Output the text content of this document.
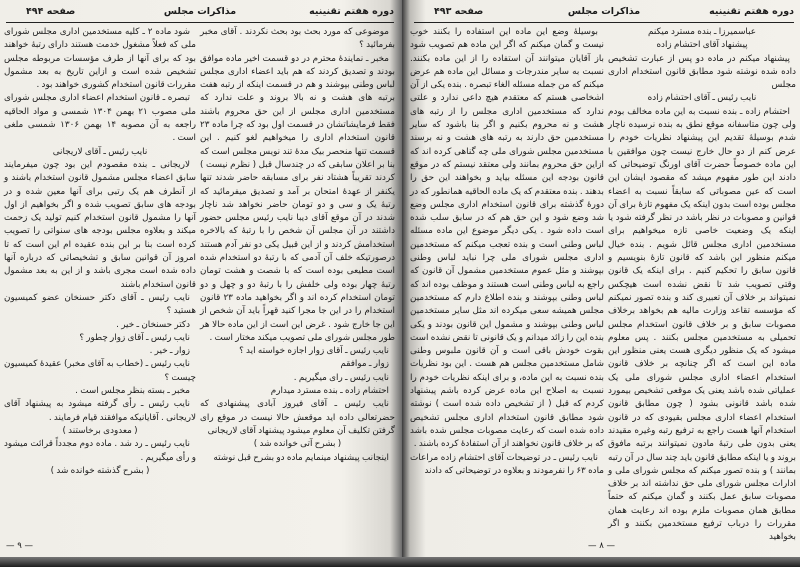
دوره هفتم تقنینیه
مذاکرات مجلس
صفحه ۴۹۴

موضوعی که مورد بحث بود بحث نکردند . آقای مخبر بفرمائید ؟

مخبر ـ نمایندهٔ محترم در دو قسمت اخیر ماده موافق بودند و تصدیق کردند که هم باید اعضاء اداری مجلس لباس وطنی بپوشند و هم در قسمت اینکه از رتبه هفت برتبه های هشت و نه بالا بروند و علت ندارد که مستخدمین اداری مجلس از این حق محروم باشند فقط فرمایشاتشان در قسمت اول بود که چرا ماده ۲۳ قانون استخدام اداری را میخواهیم لغو کنیم . این قسمت تنها منحصر بیک مدهٔ تند نویس مجلس است که بنا بر اعلان سابقی که در چندسال قبل ( نظرم نیست ) کردند تقریباً هشتاد نفر برای مسابقه حاضر شدند تنها یکنفر از عهدهٔ امتحان بر آمد و تصدیق میفرمائید که رتبهٔ یک و سی و دو تومان حاضر نخواهد شد ناچار شدند در آن موقع آقای دیبا نایب رئیس مجلس حضور داشتند در آن مجلس آن شخص را با رتبهٔ که بالاخره استخدامش کردند و از این قبیل یکی دو نفر آدم هستند درصورتیکه خلف آن آدمی که با رتبهٔ دو استخدام شده است مطیعی بوده است که با شصت و هشت تومان رتبهٔ چهار بوده ولی خلفش را با رتبهٔ دو و چهل و دو تومان استخدام کرده اند و اگر بخواهید ماده ۲۳ قانون استخدام را در این جا مجرا کنید قهراً باید آن شخص از این جا خارج شود . غرض این است از این ماده حالا هر طور مجلس شورای ملی تصویب میکند مختار است .

نایب رئیس ـ آقای زوار اجازه خواسته اید ؟

زوار ـ موافقم

نایب رئیس ـ رای میگیریم .

احتشام زاده ـ بنده مسترد میدارم

نایب رئیس ـ آقای فیروز آبادی پیشنهادی که حضرتعالی داده اید موقعش حالا نیست در موقع رای گرفتن تکلیف آن معلوم میشود پیشنهاد آقای لاریجانی

( بشرح آتی خوانده شد )

اینجانب پیشنهاد مینمایم ماده دو بشرح قبل نوشته

شود ماده ۲ ـ کلیه مستخدمین اداری مجلس شورای ملی که فعلاً مشغول خدمت هستند دارای رتبهٔ خواهند بود که برای آنها از طرف مؤسسات مربوطه مجلس تشخیص شده است و ازاین تاریخ به بعد مشمول مقررات قانون استخدام کشوری خواهند بود .

تبصره ـ قانون استخدام اعضاء اداری مجلس شورای ملی مصوب ۲۱ بهمن ۱۳۰۴ شمسی و مواد الحاقیه راجعه به آن مصوبه ۱۴ بهمن ۱۳۰۶ شمسی ملغی است .

نایب رئیس ـ آقای لاریجانی

لاریجانی ـ بنده مقصودم این بود چون میفرمایند سابق اعضاء مجلس مشمول قانون استخدام باشند و از آنطرف هم یک رتبی برای آنها معین شده و در بودجه های سابق تصویب شده و اگر بخواهیم از اول آنها را مشمول قانون استخدام کنیم تولید یک زحمت میکند و بعلاوه مجلس بودجه های سنواتی را تصویب کرده است بنا بر این بنده عقیده ام این است که تا امروز آن قوانین سابق و تشخیصاتی که درباره آنها داده شده است مجری باشد و از این به بعد مشمول قانون استخدام باشند

نایب رئیس ـ آقای دکتر حسنخان عضو کمیسیون هستید ؟

دکتر حسنخان ـ خیر .

نایب رئیس ـ آقای زوار چطور ؟

زوار ـ خیر .

نایب رئیس ـ (خطاب به آقای مخبر) عقیدهٔ کمیسیون چیست ؟

مخبر ـ بسته بنظر مجلس است .

نایب رئیس ـ رأی گرفته میشود به پیشنهاد آقای لاریجانی . آقایانیکه موافقند قیام فرمایند .

( معدودی برخاستند )

نایب رئیس ـ رد شد . ماده دوم مجدداً قرائت میشود و رأی میگیریم .

( بشرح گذشته خوانده شد )

— ۹ —
دوره هفتم تقنینیه
مذاکرات مجلس
صفحه ۴۹۳

عباسمیرزا ـ بنده مسترد میکنم

پیشنهاد آقای احتشام زاده

پیشنهاد میکنم در ماده دو پس از عبارت تشخیص داده شده نوشته شود مطابق قانون استخدام اداری مجلس

نایب رئیس ـ آقای احتشام زاده

احتشام زاده ـ بنده نسبت به این ماده مخالف بودم ولی چون متاسفانه موقع نطق به بنده نرسیده ناچار شدم بوسیلهٔ تقدیم این پیشنهاد نظریات خودم را عرض کنم از دو حال خارج نیست چون موافقین با این ماده خصوصاً حضرت آقای اورنگ توضیحاتی که دادند این طور مفهوم میشد که مقصود ایشان این است که عین مصوباتی که سابقاً نسبت به اعضاء مجلس بوده است بدون اینکه یک مفهوم تازهٔ برای آن قوانین و مصوبات در نظر باشد در نظر گرفته شود یا اینکه یک وضعیت خاصی تازه میخواهیم برای مستخدمین اداری مجلس قائل شویم . بنده خیال میکنم منظور این باشد که قانون تازهٔ بنویسیم و قانون سابق را تحکیم کنیم . برای اینکه یک قانون وقتی تصویب شد تا نقض نشده است هیچکس نمیتواند بر خلاف آن تعبیری کند و بنده تصور نمیکنم که مؤسسه تقاعد وزارت مالیه هم بخواهد برخلاف مصوبات سابق و بر خلاف قانون استخدام مجلس تحمیلی به مستخدمین مجلس بکنند . پس معلوم میشود که یک منظور دیگری هست یعنی منظور این ماده این است که اگر چنانچه بر خلاف قانون استخدام اعضاء اداری مجلس شورای ملی یک عملیاتی شده باشد یعنی یک موقعی تشخیص بیمورد شده باشد قانونی بشود ( چون مطابق قانون استخدام اعضاء اداری مجلس بقیودی که در قانون استخدام آنها هست راجع به ترفیع رتبه وغیره مقیدند یعنی بدون طی رتبهٔ مادون نمیتوانند برتبه مافوق بروند و یا اینکه مطابق قانون باید چند سال در آن رتبه بمانند ) و بنده تصور میکنم که مجلس شورای ملی و ادارات مجلس شورای ملی حق نداشته اند بر خلاف مصوبات سابق عمل بکنند و گمان میکنم که حتماً مطابق همان مصوبات ملزم بوده اند رعایت همان مقررات را درباب ترفیع مستخدمین بکنند و اگر بخواهید

بوسیلهٔ وضع این ماده این استفاده را بکنند خوب نیست و گمان میکنم که اگر این ماده هم تصویب شود باز آقایان میتوانند آن استفاده را از این ماده بکنند. نسبت به سایر مندرجات و مسائل این ماده هم عرض میکنم که من جمله مسئله الغاء تبصره . بنده یکی از آن اشخاصی هستم که معتقدم هیچ داعی ندارد و علتی ندارد که مستخدمین اداری مجلس را از رتبه های هشت و نه محروم بکنیم و اگر بنا باشود که سایر مستخدمین حق دارند به رتبه های هشت و نه برسند مستخدمین مجلس شورای ملی چه گناهی کرده اند که ازاین حق محروم بمانند ولی معتقد نیستم که در موقع قانون بودجه این مسئله بیاید و بخواهند این حق را بدهند . بنده معتقدم که یک ماده الحاقیه همانطور که در دورهٔ گذشته برای قانون استخدام اداری مجلس وضع شد وضع شود و این حق هم که در سابق سلب شده است داده شود . یکی دیگر موضوع این ماده مسئله لباس وطنی است و بنده تعجب میکنم که مستخدمین اداری مجلس شورای ملی چرا نباید لباس وطنی بپوشند و مثل عموم مستخدمین مشمول آن قانون که راجع به لباس وطنی است هستند و موظف بوده اند که لباس وطنی بپوشند و بنده اطلاع دارم که مستخدمین مجلس همیشه سعی میکرده اند مثل سایر مستخدمین لباس وطنی بپوشند و مشمول این قانون بودند و یکی بنده این را زائد میدانم و یک قانونی تا نقض نشده است بقوت خودش باقی است و آن قانون ملبوس وطنی شامل مستخدمین مجلس هم هست . این بود نظریات بنده نسبت به این ماده، و برای اینکه نظریات خودم را نسبت به اصلاح این ماده عرض کرده باشم پیشنهاد کردم که قبل ( از تشخیص داده شده است ) نوشته شود مطابق قانون استخدام اداری مجلس تشخیص داده شده است که رعایت مصوبات مجلس شده باشد که بر خلاف قانون نخواهند از آن استفادهٔ کرده باشند .

نایب رئیس ـ در توضیحات آقای احتشام زاده مراعات ماده ۶۳ را نفرمودند و بعلاوه در توضیحاتی که دادند

— ۸ —
